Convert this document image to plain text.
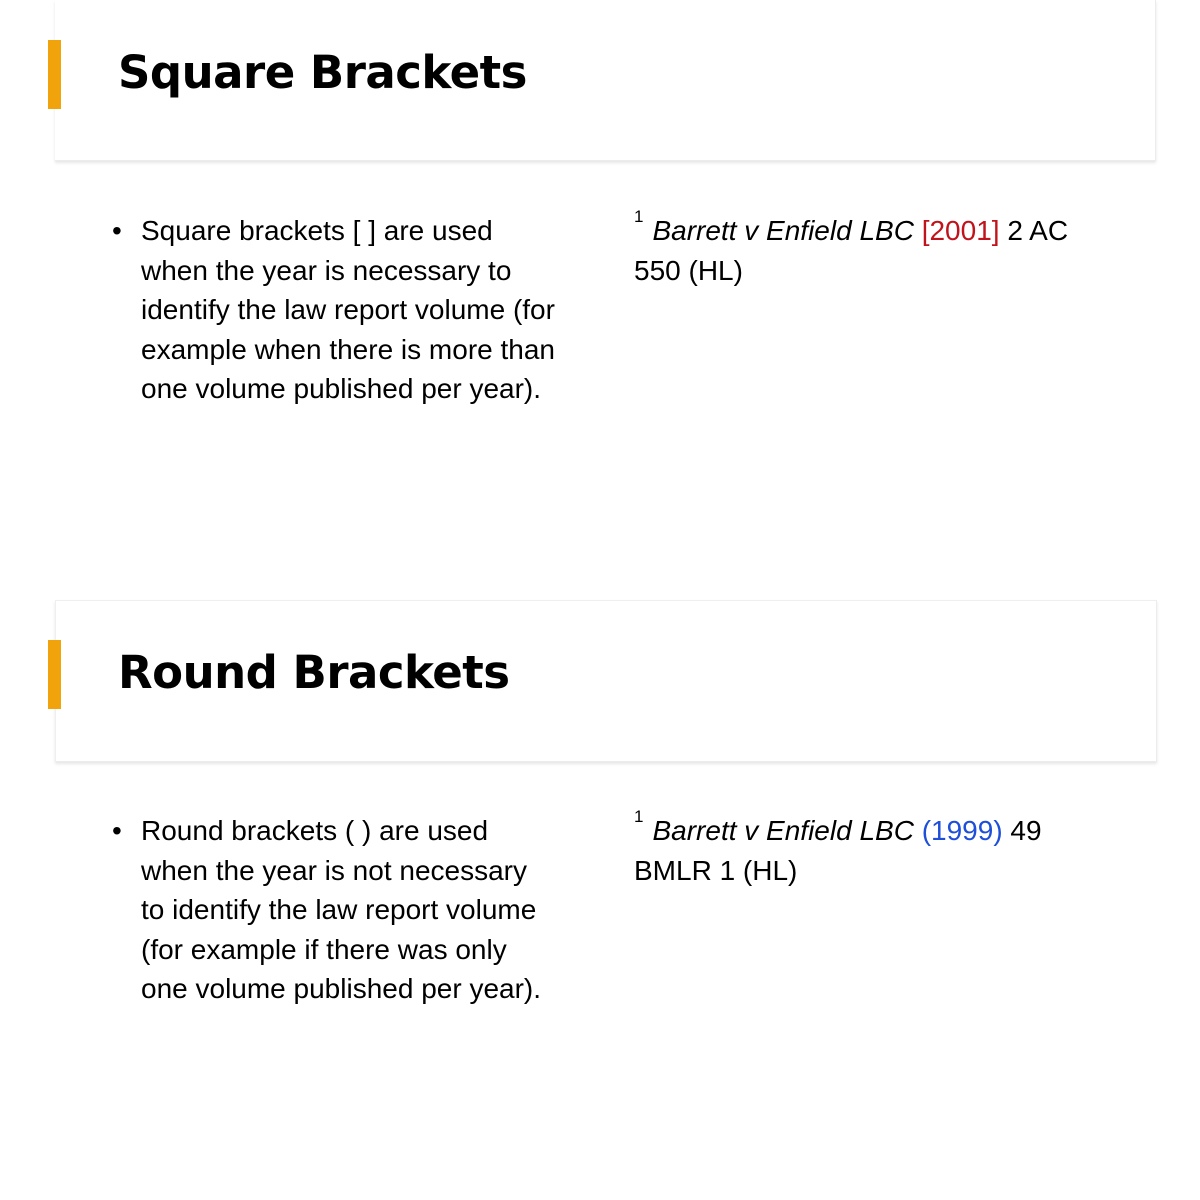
Square Brackets
• Square brackets [ ] are used
when the year is necessary to
identify the law report volume (for
example when there is more than
one volume published per year).
$^1$ Barrett v Enfield LBC [2001] 2 AC
550 (HL)
Round Brackets
• Round brackets ( ) are used
when the year is not necessary
to identify the law report volume
(for example if there was only
one volume published per year).
$^1$ Barrett v Enfield LBC (1999) 49
BMLR 1 (HL)
